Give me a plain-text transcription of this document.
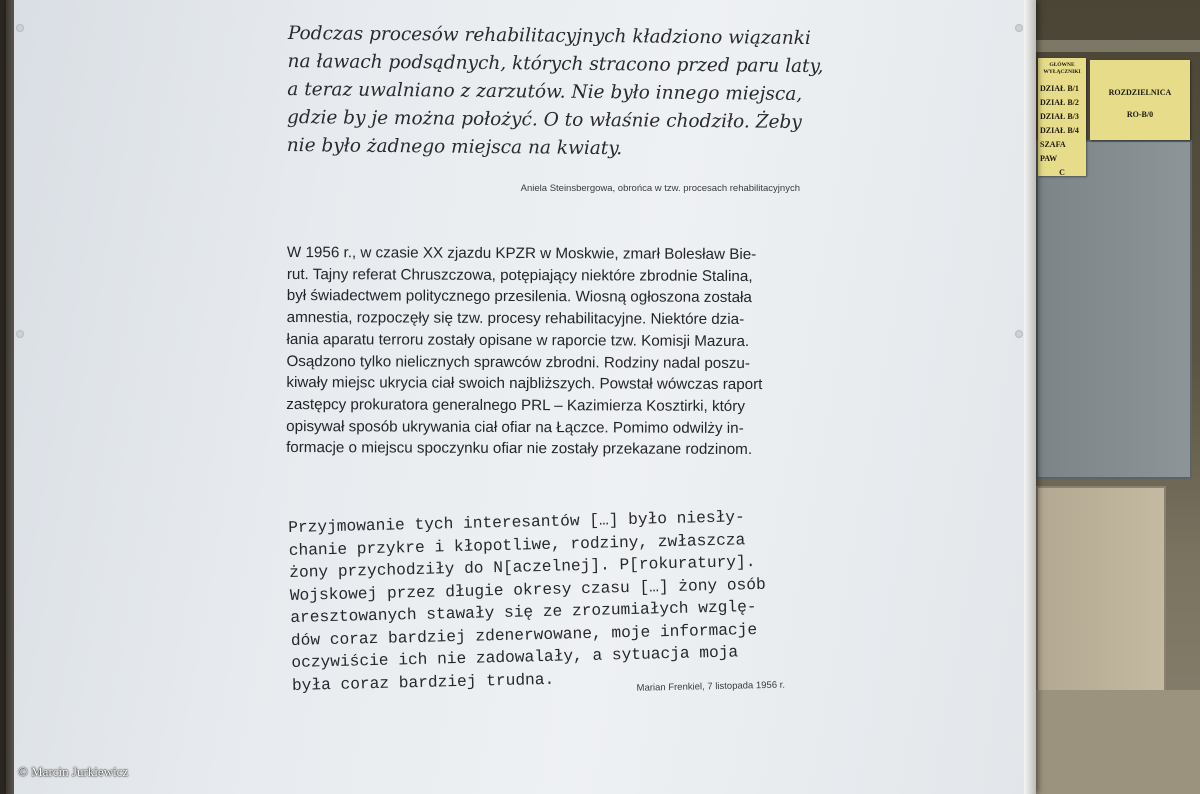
GŁÓWNE WYŁĄCZNIKI
DZIAŁ B/1
DZIAŁ B/2
DZIAŁ B/3
DZIAŁ B/4
SZAFA PAW
C
ROZDZIELNICA
RO-B/0
Podczas procesów rehabilitacyjnych kładziono wiązanki
na ławach podsądnych, których stracono przed paru laty,
a teraz uwalniano z zarzutów. Nie było innego miejsca,
gdzie by je można położyć. O to właśnie chodziło. Żeby
nie było żadnego miejsca na kwiaty.
Aniela Steinsbergowa, obrońca w tzw. procesach rehabilitacyjnych
W 1956 r., w czasie XX zjazdu KPZR w Moskwie, zmarł Bolesław Bie-
rut. Tajny referat Chruszczowa, potępiający niektóre zbrodnie Stalina,
był świadectwem politycznego przesilenia. Wiosną ogłoszona została
amnestia, rozpoczęły się tzw. procesy rehabilitacyjne. Niektóre dzia-
łania aparatu terroru zostały opisane w raporcie tzw. Komisji Mazura.
Osądzono tylko nielicznych sprawców zbrodni. Rodziny nadal poszu-
kiwały miejsc ukrycia ciał swoich najbliższych. Powstał wówczas raport
zastępcy prokuratora generalnego PRL – Kazimierza Kosztirki, który
opisywał sposób ukrywania ciał ofiar na Łączce. Pomimo odwilży in-
formacje o miejscu spoczynku ofiar nie zostały przekazane rodzinom.
Przyjmowanie tych interesantów […] było niesły-
chanie przykre i kłopotliwe, rodziny, zwłaszcza
żony przychodziły do N[aczelnej]. P[rokuratury].
Wojskowej przez długie okresy czasu […] żony osób
aresztowanych stawały się ze zrozumiałych wzglę-
dów coraz bardziej zdenerwowane, moje informacje
oczywiście ich nie zadowalały, a sytuacja moja
była coraz bardziej trudna.	Marian Frenkiel, 7 listopada 1956 r.
© Marcin Jurkiewicz
